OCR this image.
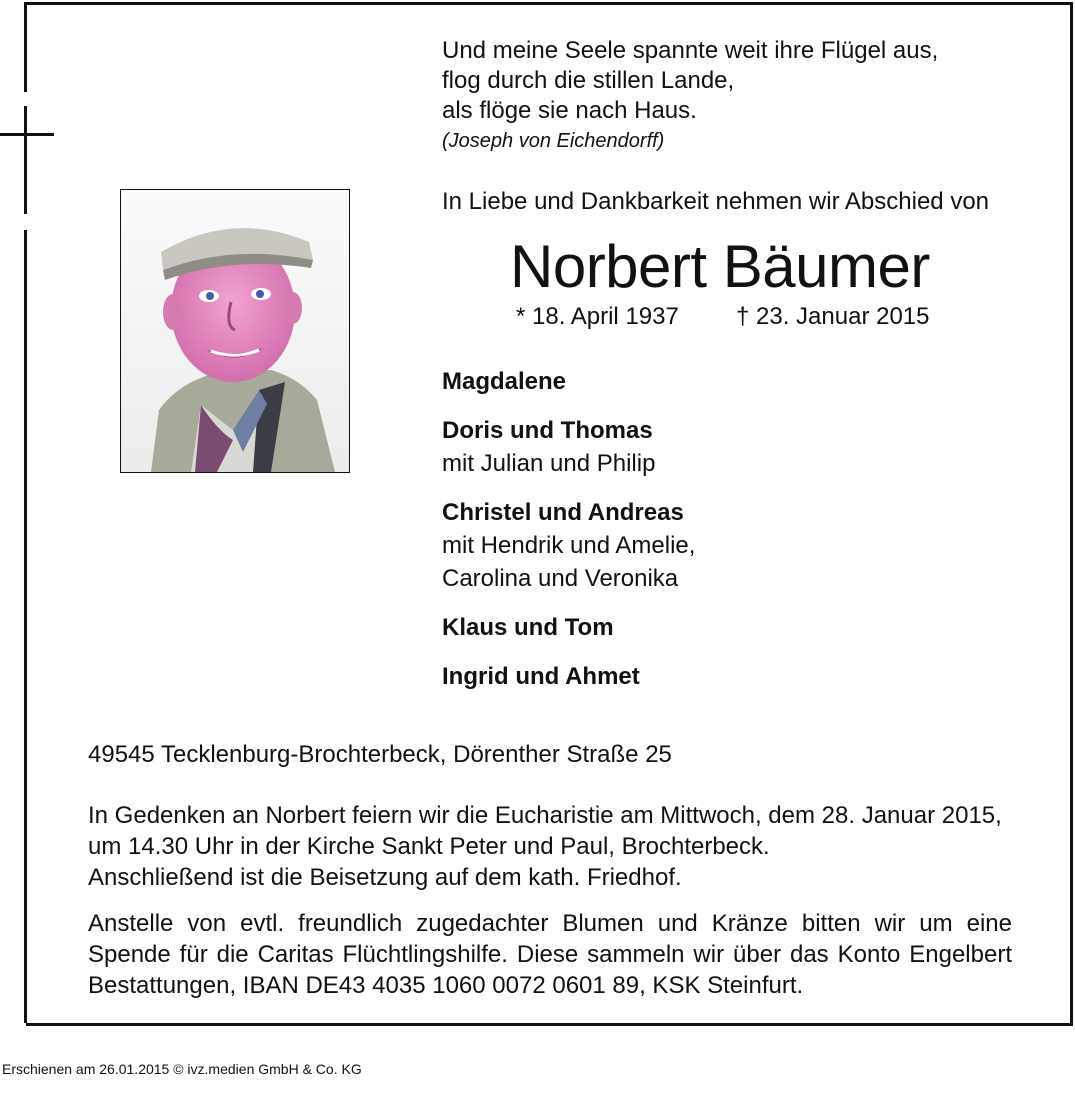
Und meine Seele spannte weit ihre Flügel aus,
flog durch die stillen Lande,
als flöge sie nach Haus.
(Joseph von Eichendorff)
In Liebe und Dankbarkeit nehmen wir Abschied von
Norbert Bäumer
* 18. April 1937 † 23. Januar 2015
Magdalene
Doris und Thomas
mit Julian und Philip
Christel und Andreas
mit Hendrik und Amelie,
Carolina und Veronika
Klaus und Tom
Ingrid und Ahmet
49545 Tecklenburg-Brochterbeck, Dörenther Straße 25
In Gedenken an Norbert feiern wir die Eucharistie am Mittwoch, dem 28. Januar 2015,
um 14.30 Uhr in der Kirche Sankt Peter und Paul, Brochterbeck.
Anschließend ist die Beisetzung auf dem kath. Friedhof.
Anstelle von evtl. freundlich zugedachter Blumen und Kränze bitten wir um eine
Spende für die Caritas Flüchtlingshilfe. Diese sammeln wir über das Konto Engelbert
Bestattungen, IBAN DE43 4035 1060 0072 0601 89, KSK Steinfurt.
Erschienen am 26.01.2015 © ivz.medien GmbH & Co. KG
